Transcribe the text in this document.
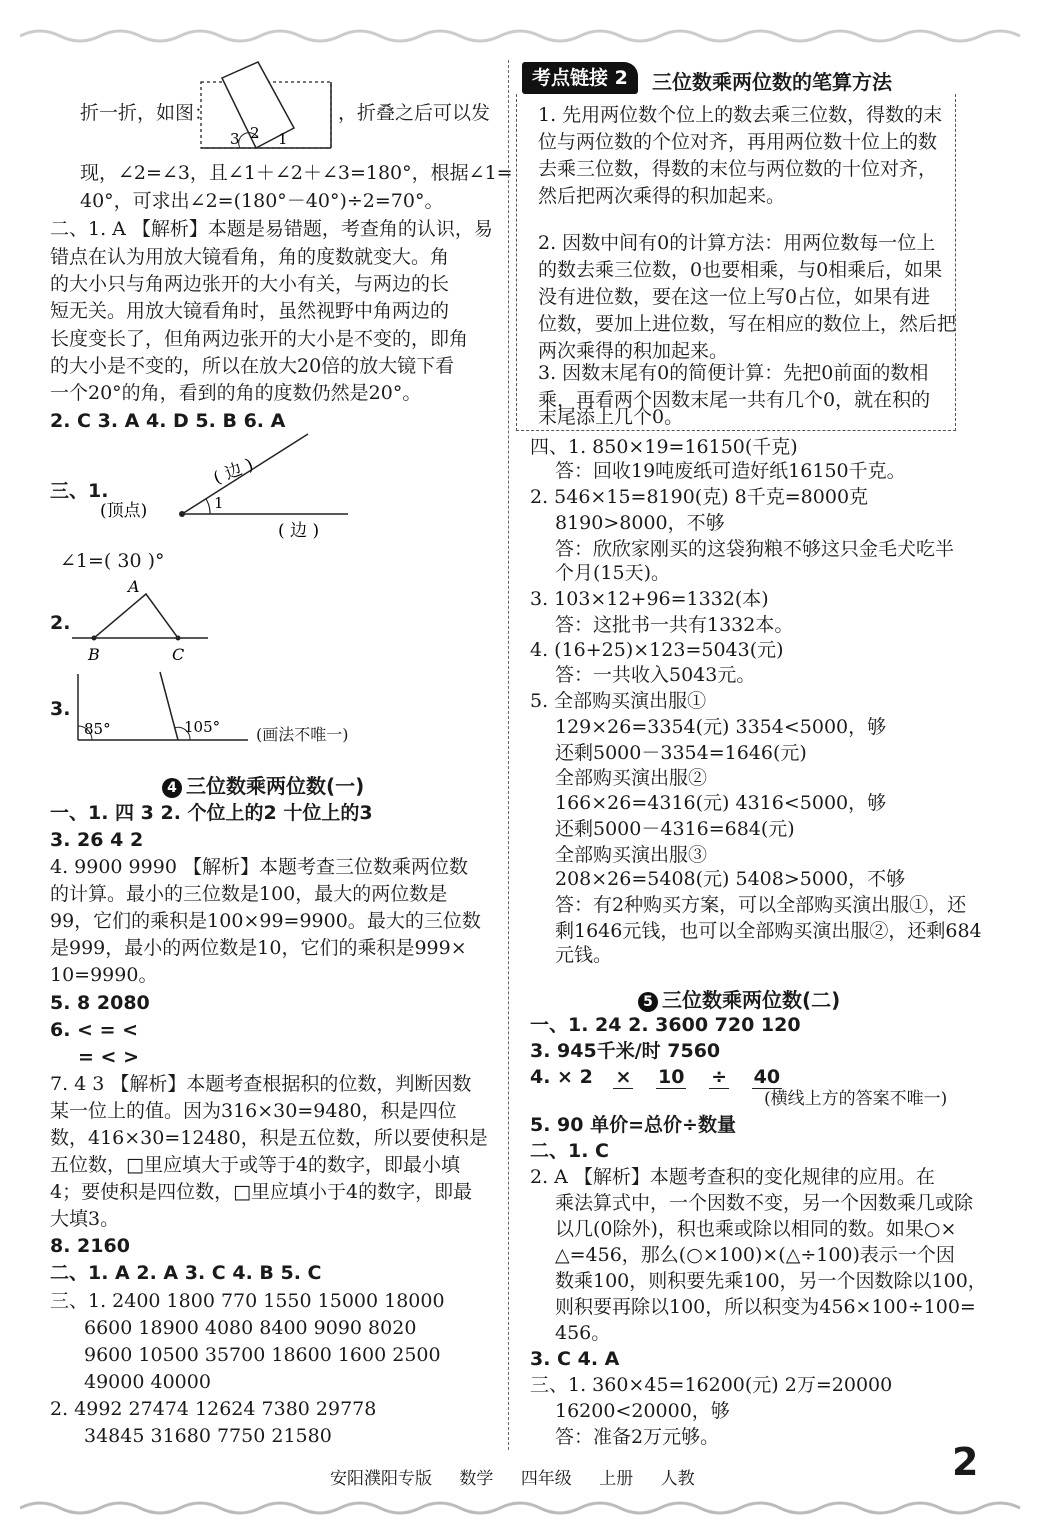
折一折，如图：
3 2 1
，折叠之后可以发
现，∠2=∠3，且∠1＋∠2＋∠3=180°，根据∠1=
40°，可求出∠2=(180°－40°)÷2=70°。
二、1. A 【解析】本题是易错题，考查角的认识，易
错点在认为用放大镜看角，角的度数就变大。角
的大小只与角两边张开的大小有关，与两边的长
短无关。用放大镜看角时，虽然视野中角两边的
长度变长了，但角两边张开的大小是不变的，即角
的大小是不变的，所以在放大20倍的放大镜下看
一个20°的角，看到的角的度数仍然是20°。
2. C 3. A 4. D 5. B 6. A
三、1.
1
( 边 )
(顶点)
( 边 )
∠1=( 30 )°
2.
A
B	C
3.
85°	105° (画法不唯一)
4 三位数乘两位数(一)
一、1. 四 3 2. 个位上的2 十位上的3
3. 26 4 2
4. 9900 9990 【解析】本题考查三位数乘两位数
的计算。最小的三位数是100，最大的两位数是
99，它们的乘积是100×99=9900。最大的三位数
是999，最小的两位数是10，它们的乘积是999×
10=9990。
5. 8 2080
6. < = <
= < >
7. 4 3 【解析】本题考查根据积的位数，判断因数
某一位上的值。因为316×30=9480，积是四位
数，416×30=12480，积是五位数，所以要使积是
五位数，□里应填大于或等于4的数字，即最小填
4；要使积是四位数，□里应填小于4的数字，即最
大填3。
8. 2160
二、1. A 2. A 3. C 4. B 5. C
三、1. 2400 1800 770 1550 15000 18000
6600 18900 4080 8400 9090 8020
9600 10500 35700 18600 1600 2500
49000 40000
2. 4992 27474 12624 7380 29778
34845 31680 7750 21580
考点链接 2	三位数乘两位数的笔算方法
1. 先用两位数个位上的数去乘三位数，得数的末
位与两位数的个位对齐，再用两位数十位上的数
去乘三位数，得数的末位与两位数的十位对齐，
然后把两次乘得的积加起来。
2. 因数中间有0的计算方法：用两位数每一位上
的数去乘三位数，0也要相乘，与0相乘后，如果
没有进位数，要在这一位上写0占位，如果有进
位数，要加上进位数，写在相应的数位上，然后把
两次乘得的积加起来。
3. 因数末尾有0的简便计算：先把0前面的数相
乘，再看两个因数末尾一共有几个0，就在积的
末尾添上几个0。
四、1. 850×19=16150(千克)
答：回收19吨废纸可造好纸16150千克。
2. 546×15=8190(克) 8千克=8000克
8190>8000，不够
答：欣欣家刚买的这袋狗粮不够这只金毛犬吃半
个月(15天)。
3. 103×12+96=1332(本)
答：这批书一共有1332本。
4. (16+25)×123=5043(元)
答：一共收入5043元。
5. 全部购买演出服①
129×26=3354(元) 3354<5000，够
还剩5000－3354=1646(元)
全部购买演出服②
166×26=4316(元) 4316<5000，够
还剩5000－4316=684(元)
全部购买演出服③
208×26=5408(元) 5408>5000，不够
答：有2种购买方案，可以全部购买演出服①，还
剩1646元钱，也可以全部购买演出服②，还剩684
元钱。
5 三位数乘两位数(二)
一、1. 24 2. 3600 720 120
3. 945千米/时 7560
4. × 2 × 10 ÷ 40
(横线上方的答案不唯一)
5. 90 单价=总价÷数量
二、1. C
2. A 【解析】本题考查积的变化规律的应用。在
乘法算式中，一个因数不变，另一个因数乘几或除
以几(0除外)，积也乘或除以相同的数。如果○×
△=456，那么(○×100)×(△÷100)表示一个因
数乘100，则积要先乘100，另一个因数除以100，
则积要再除以100，所以积变为456×100÷100=
456。
3. C 4. A
三、1. 360×45=16200(元) 2万=20000
16200<20000，够
答：准备2万元够。
安阳濮阳专版 数学 四年级 上册 人教	2
